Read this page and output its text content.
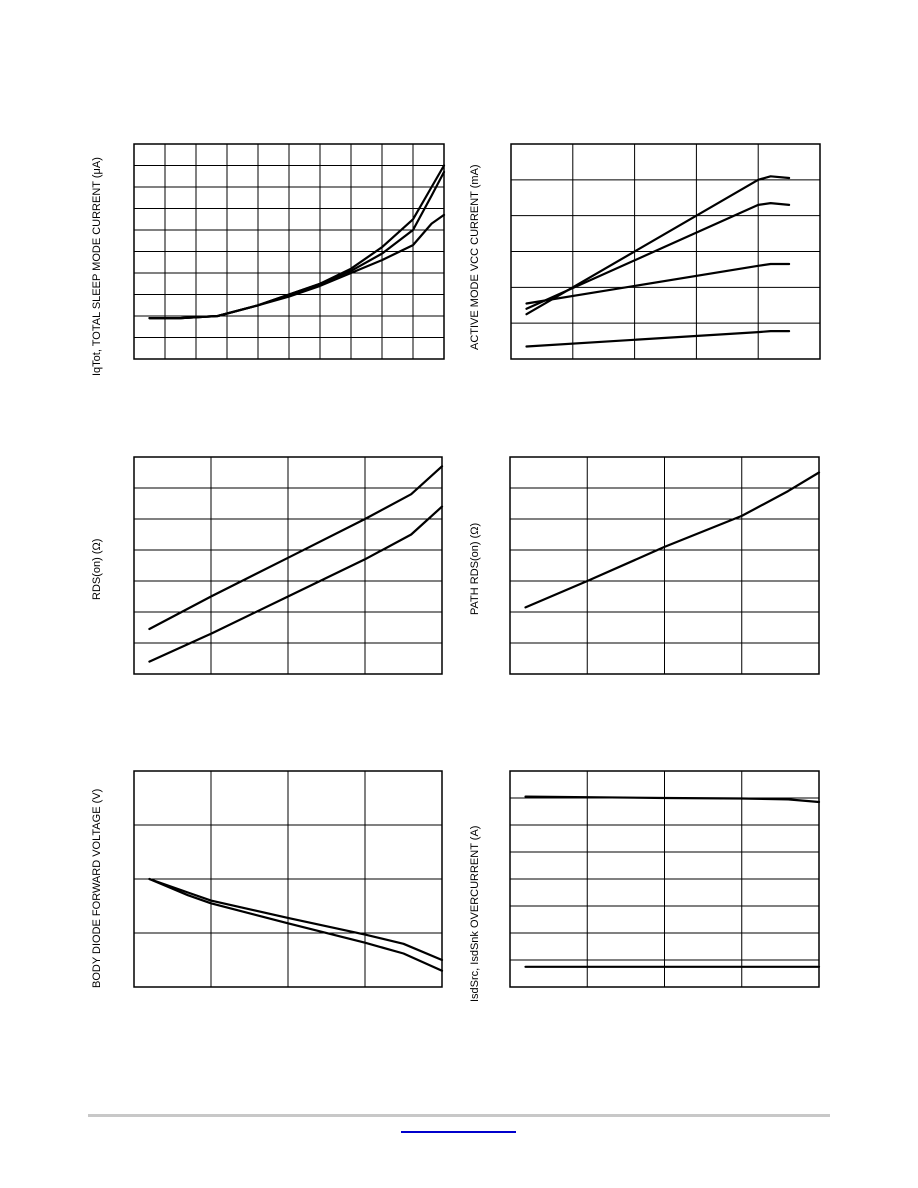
IqTot, TOTAL SLEEP MODE CURRENT (μA)	ACTIVE MODE VCC CURRENT (mA)
RDS(on) (Ω)	PATH RDS(on) (Ω)
BODY DIODE FORWARD VOLTAGE (V)	IsdSrc, IsdSnk OVERCURRENT (A)
